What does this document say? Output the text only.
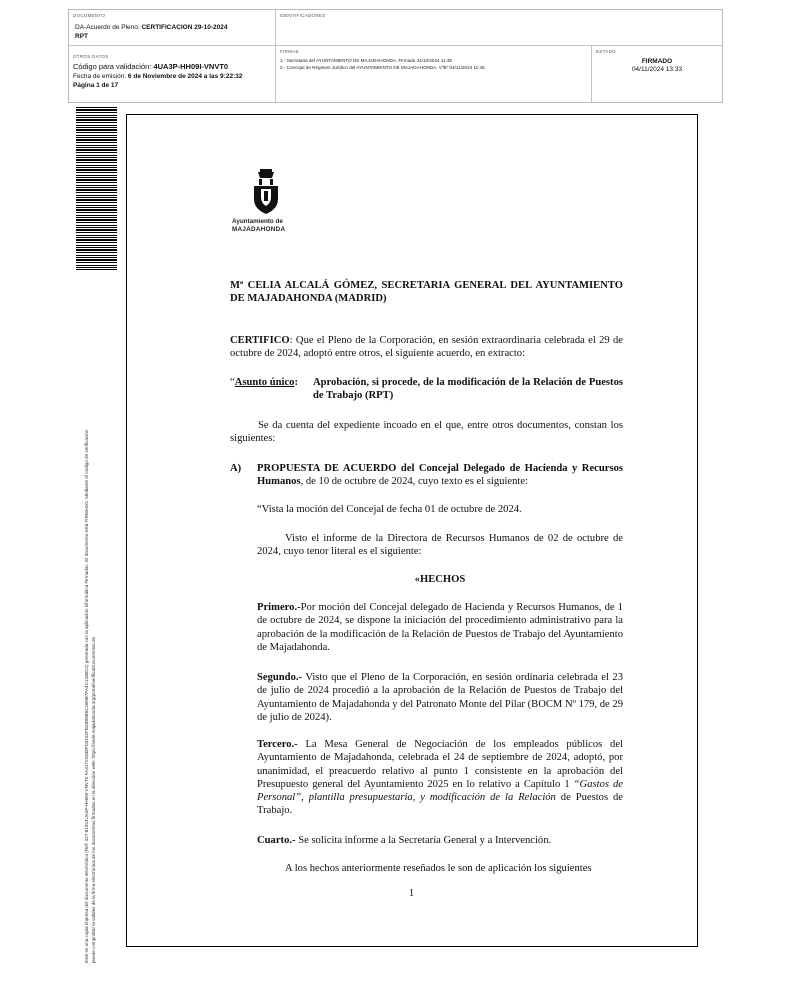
DOCUMENTO
DA-Acuerdo de Pleno: CERTIFICACION 29-10-2024
RPT
IDENTIFICADORES
OTROS DATOS
Código para validación: 4UA3P-HH09I-VNVT0
Fecha de emisión: 6 de Noviembre de 2024 a las 9:22:32
Página 1 de 17
FIRMAS
1.- Secretaria del AYUNTAMIENTO DE MAJADAHONDA. Firmado 31/10/2024 11:35
2.- Concejal de Régimen Jurídico del AYUNTAMIENTO DE MAJADAHONDA. VºBº 04/11/2024 11:46
ESTADO
FIRMADO
04/11/2024 13:33
Este es una copia impresa del documento electrónico (Ref: 327-81924UA3P-HH09I-VNVT0 FA31722838FD3152FB2B89B5C1B9B7FA4C1436C2) generada con la aplicación informática Firmadoc. El documento está FIRMADO. Mediante el código de verificación puede comprobar la validez de la firma electrónica de los documentos firmados en la dirección web: https://sede.majadahonda.org/portal/verificaDocumentos.do
Ayuntamiento de
MAJADAHONDA
Mª CELIA ALCALÁ GÓMEZ, SECRETARIA GENERAL DEL AYUNTAMIENTO DE MAJADAHONDA (MADRID)
CERTIFICO: Que el Pleno de la Corporación, en sesión extraordinaria celebrada el 29 de octubre de 2024, adoptó entre otros, el siguiente acuerdo, en extracto:
“Asunto único:	Aprobación, si procede, de la modificación de la Relación de Puestos de Trabajo (RPT)
Se da cuenta del expediente incoado en el que, entre otros documentos, constan los siguientes:
A) PROPUESTA DE ACUERDO del Concejal Delegado de Hacienda y Recursos Humanos, de 10 de octubre de 2024, cuyo texto es el siguiente:
“Vista la moción del Concejal de fecha 01 de octubre de 2024.
Visto el informe de la Directora de Recursos Humanos de 02 de octubre de 2024, cuyo tenor literal es el siguiente:
«HECHOS
Primero.-Por moción del Concejal delegado de Hacienda y Recursos Humanos, de 1 de octubre de 2024, se dispone la iniciación del procedimiento administrativo para la aprobación de la modificación de la Relación de Puestos de Trabajo del Ayuntamiento de Majadahonda.
Segundo.- Visto que el Pleno de la Corporación, en sesión ordinaria celebrada el 23 de julio de 2024 procedió a la aprobación de la Relación de Puestos de Trabajo del Ayuntamiento de Majadahonda y del Patronato Monte del Pilar (BOCM Nº 179, de 29 de julio de 2024).
Tercero.- La Mesa General de Negociación de los empleados públicos del Ayuntamiento de Majadahonda, celebrada el 24 de septiembre de 2024, adoptó, por unanimidad, el preacuerdo relativo al punto 1 consistente en la aprobación del Presupuesto general del Ayuntamiento 2025 en lo relativo a Capítulo 1 “Gastos de Personal”, plantilla presupuestaria, y modificación de la Relación de Puestos de Trabajo.
Cuarto.- Se solicita informe a la Secretaría General y a Intervención.
A los hechos anteriormente reseñados le son de aplicación los siguientes
1
